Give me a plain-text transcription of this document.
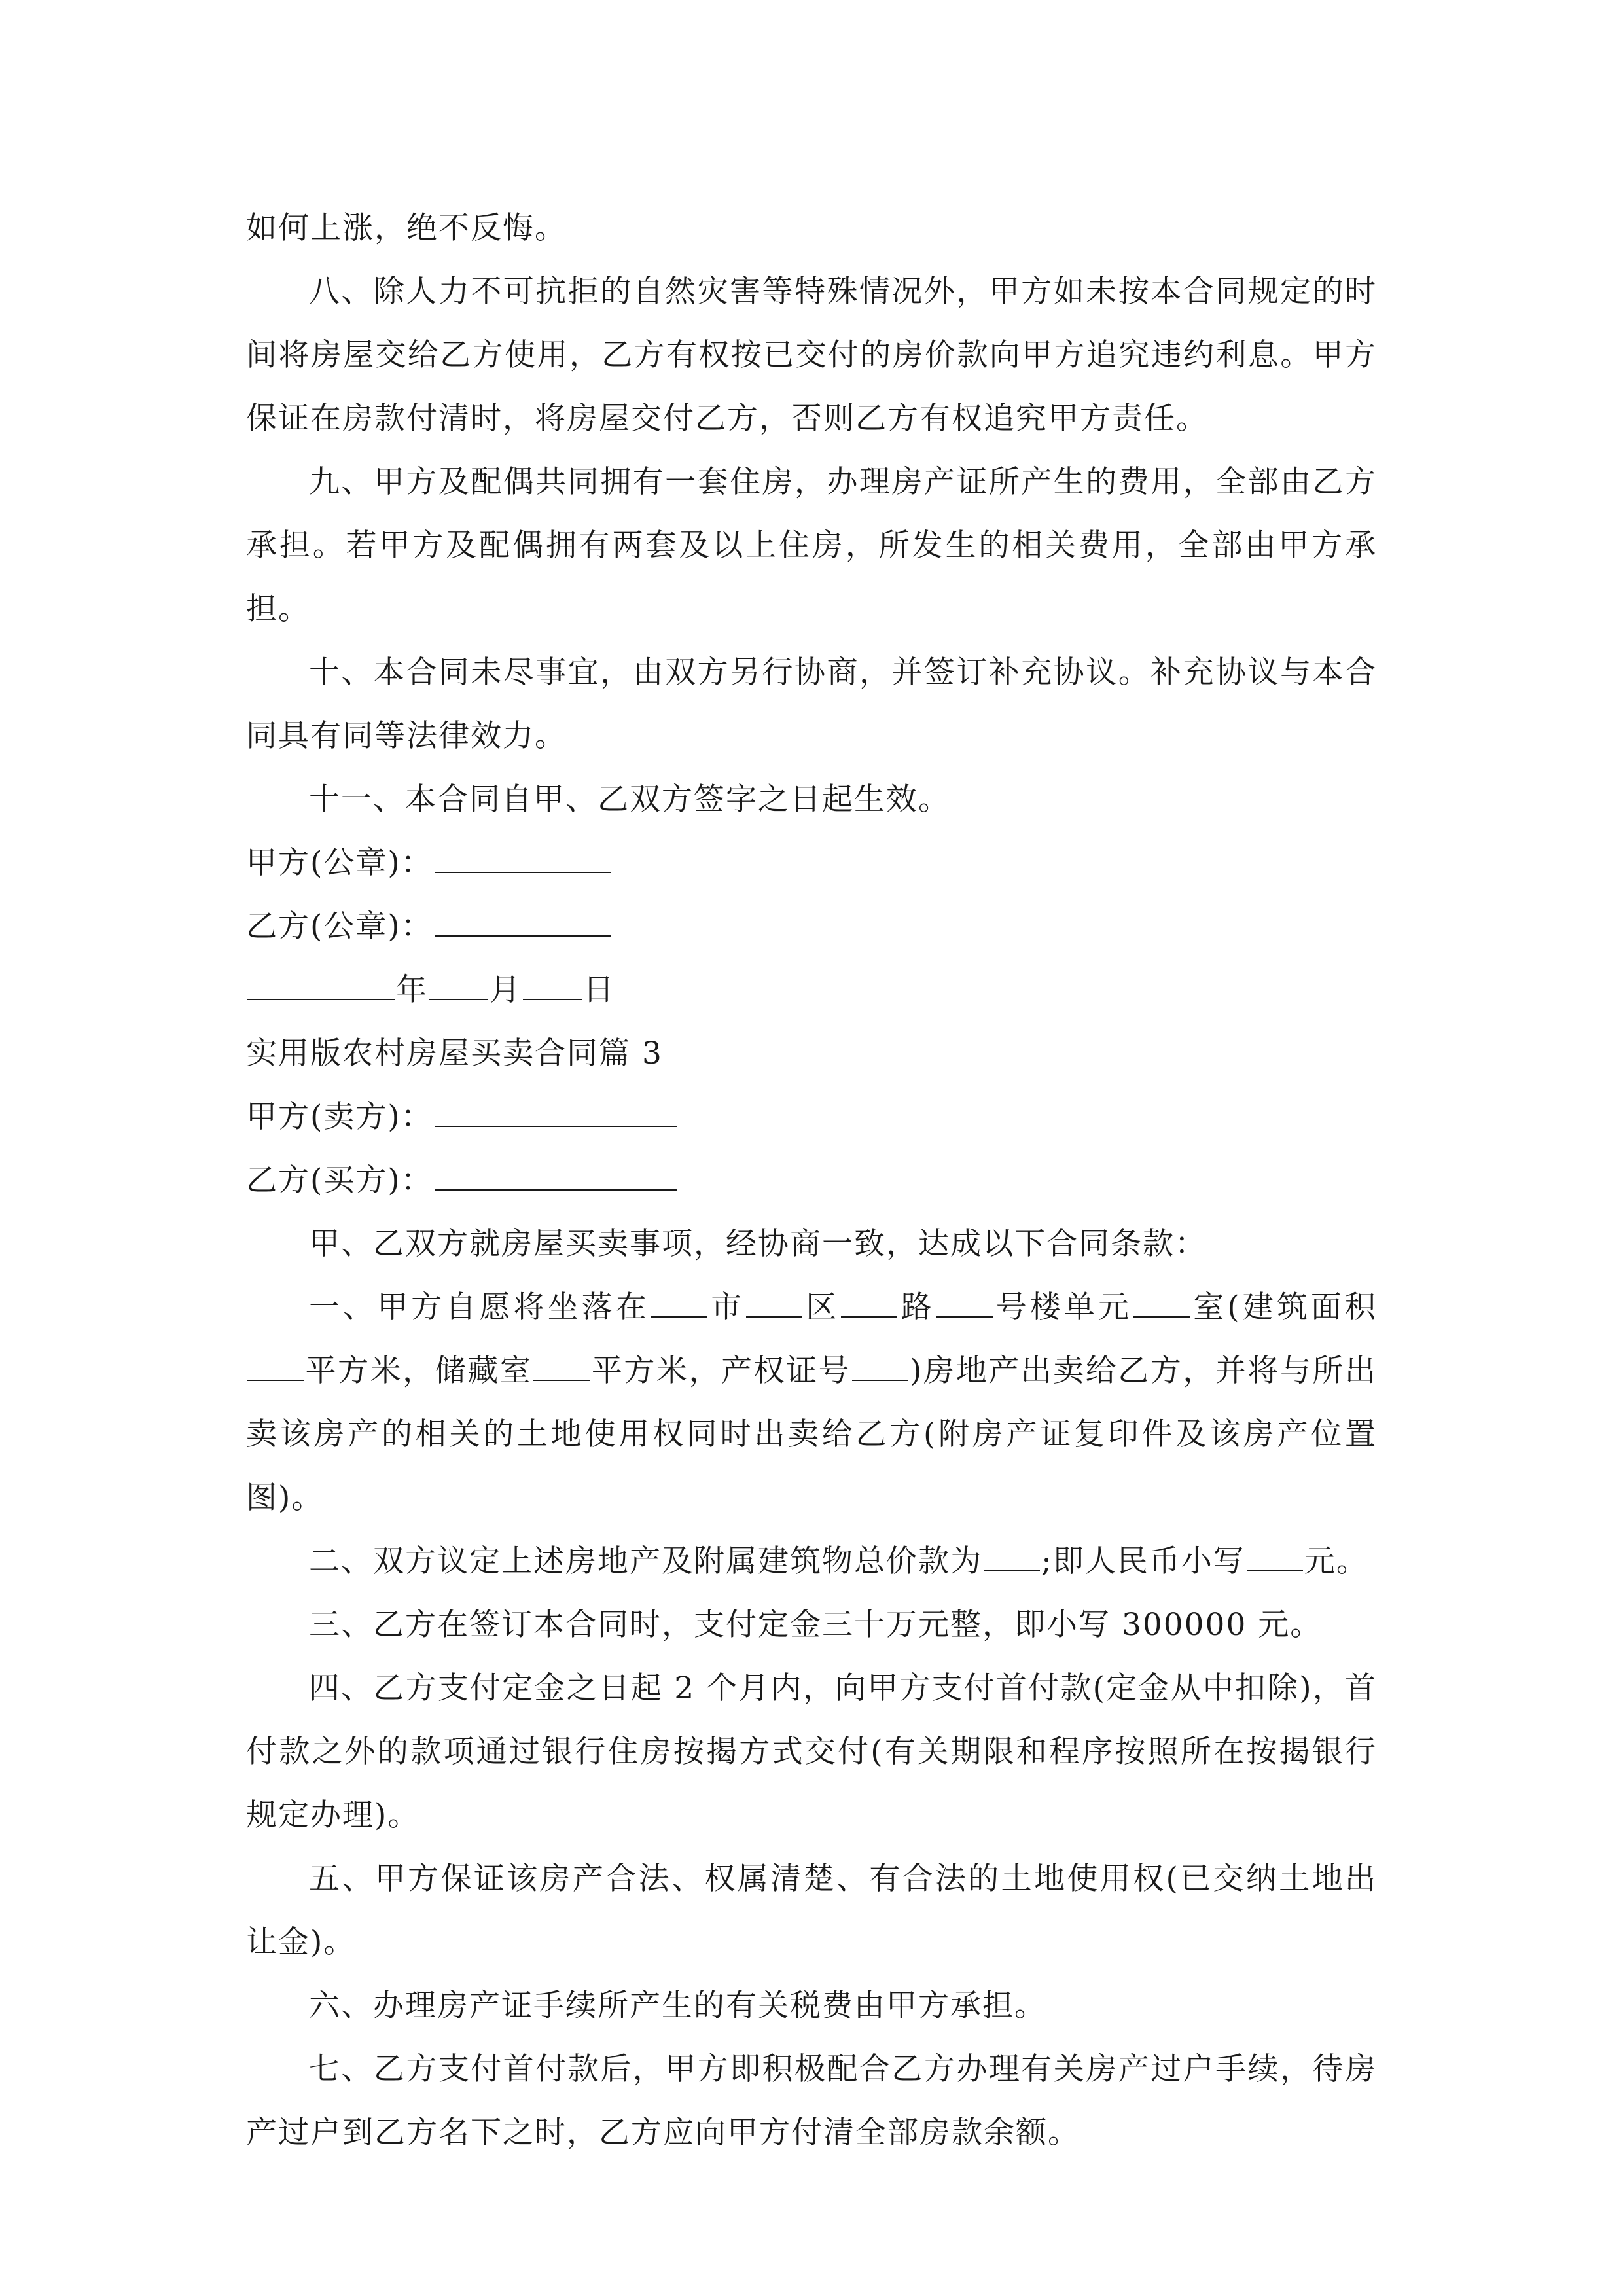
如何上涨，绝不反悔。

八、除人力不可抗拒的自然灾害等特殊情况外，甲方如未按本合同规定的时间将房屋交给乙方使用，乙方有权按已交付的房价款向甲方追究违约利息。甲方保证在房款付清时，将房屋交付乙方，否则乙方有权追究甲方责任。

九、甲方及配偶共同拥有一套住房，办理房产证所产生的费用，全部由乙方承担。若甲方及配偶拥有两套及以上住房，所发生的相关费用，全部由甲方承担。

十、本合同未尽事宜，由双方另行协商，并签订补充协议。补充协议与本合同具有同等法律效力。

十一、本合同自甲、乙双方签字之日起生效。

甲方(公章)：

乙方(公章)：

年 月 日

实用版农村房屋买卖合同篇 3

甲方(卖方)：

乙方(买方)：

甲、乙双方就房屋买卖事项，经协商一致，达成以下合同条款：

一、甲方自愿将坐落在 市 区 路 号楼单元 室(建筑面积平方米，储藏室 平方米，产权证号 )房地产出卖给乙方，并将与所出卖该房产的相关的土地使用权同时出卖给乙方(附房产证复印件及该房产位置图)。

二、双方议定上述房地产及附属建筑物总价款为 ;即人民币小写 元。

三、乙方在签订本合同时，支付定金三十万元整，即小写 300000 元。

四、乙方支付定金之日起 2 个月内，向甲方支付首付款(定金从中扣除)，首付款之外的款项通过银行住房按揭方式交付(有关期限和程序按照所在按揭银行规定办理)。

五、甲方保证该房产合法、权属清楚、有合法的土地使用权(已交纳土地出让金)。

六、办理房产证手续所产生的有关税费由甲方承担。

七、乙方支付首付款后，甲方即积极配合乙方办理有关房产过户手续，待房产过户到乙方名下之时，乙方应向甲方付清全部房款余额。
